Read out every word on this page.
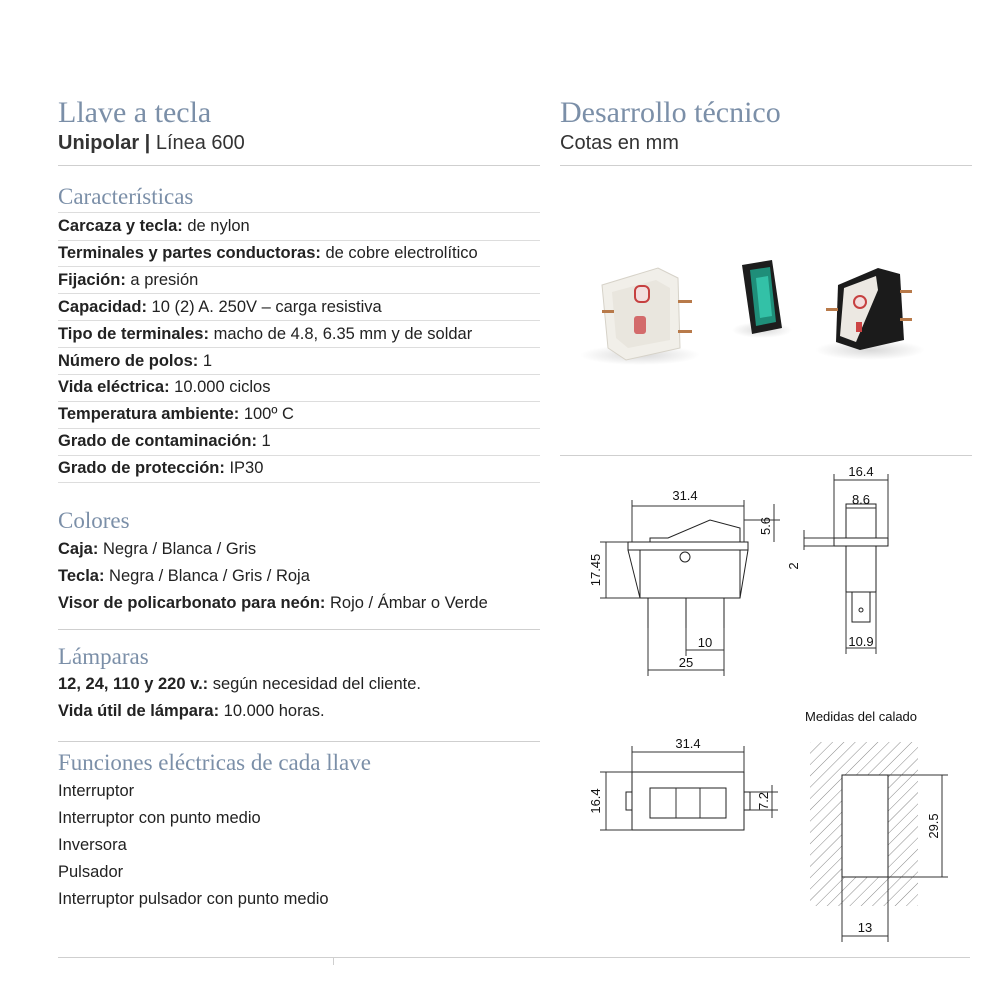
Llave a tecla
Unipolar | Línea 600
Características
Carcaza y tecla: de nylon
Terminales y partes conductoras: de cobre electrolítico
Fijación: a presión
Capacidad: 10 (2) A. 250V – carga resistiva
Tipo de terminales: macho de 4.8, 6.35 mm y de soldar
Número de polos: 1
Vida eléctrica: 10.000 ciclos
Temperatura ambiente: 100º C
Grado de contaminación: 1
Grado de protección: IP30
Colores
Caja: Negra / Blanca / Gris
Tecla: Negra / Blanca / Gris / Roja
Visor de policarbonato para neón: Rojo / Ámbar o Verde
Lámparas
12, 24, 110 y 220 v.: según necesidad del cliente.
Vida útil de lámpara: 10.000 horas.
Funciones eléctricas de cada llave
Interruptor
Interruptor con punto medio
Inversora
Pulsador
Interruptor pulsador con punto medio
Desarrollo técnico
Cotas en mm
31.4
17.45
5.6
10
25
16.4
8.6
2
10.9
31.4
16.4	7.2
Medidas del calado
29.5
13
